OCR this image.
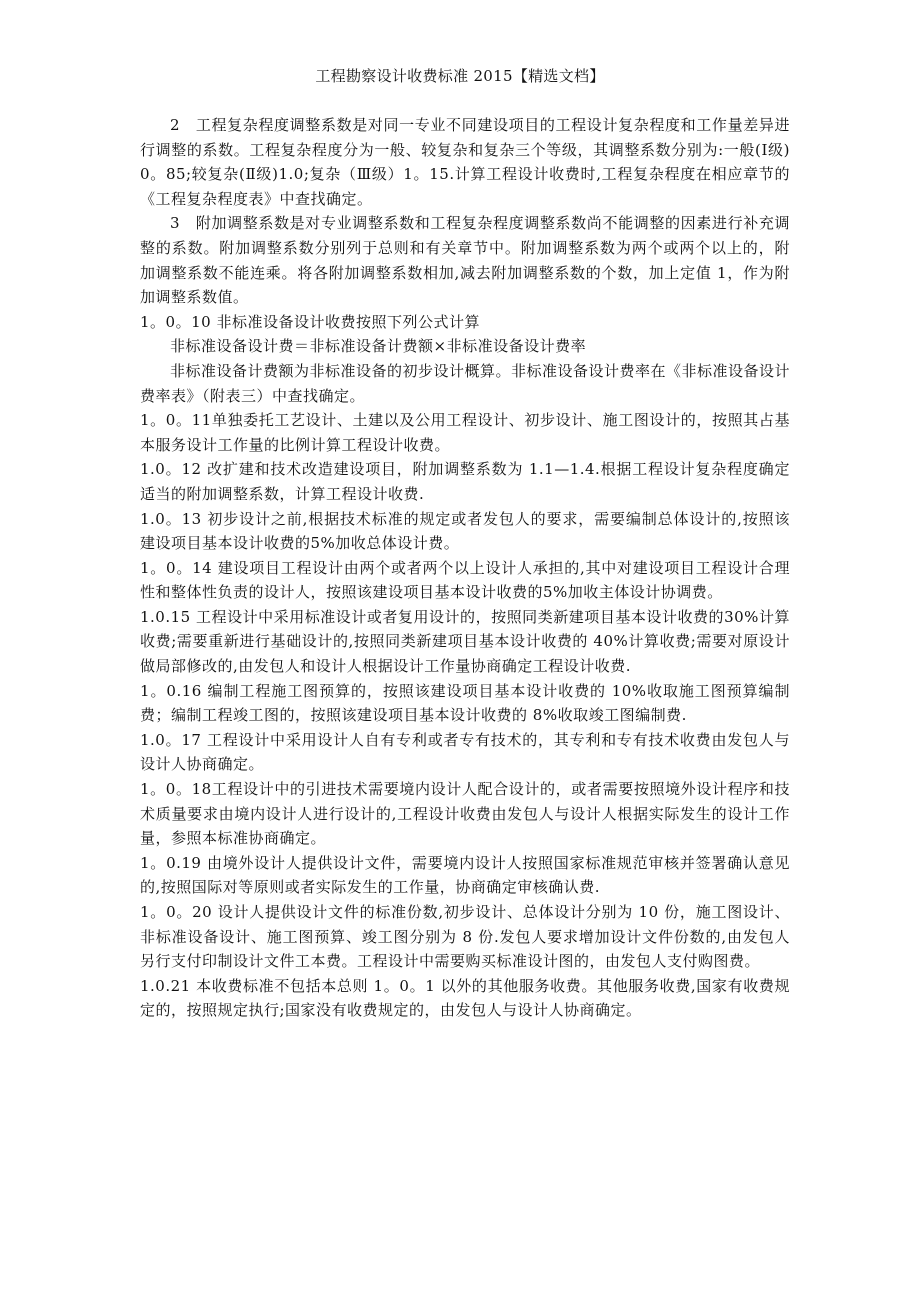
工程勘察设计收费标准 2015【精选文档】

2　工程复杂程度调整系数是对同一专业不同建设项目的工程设计复杂程度和工作量差异进行调整的系数。工程复杂程度分为一般、较复杂和复杂三个等级，其调整系数分别为:一般(Ⅰ级)0。85;较复杂(Ⅱ级)1.0;复杂（Ⅲ级）1。15.计算工程设计收费时,工程复杂程度在相应章节的《工程复杂程度表》中查找确定。

3　附加调整系数是对专业调整系数和工程复杂程度调整系数尚不能调整的因素进行补充调整的系数。附加调整系数分别列于总则和有关章节中。附加调整系数为两个或两个以上的，附加调整系数不能连乘。将各附加调整系数相加,减去附加调整系数的个数，加上定值 1，作为附加调整系数值。

1。0。10 非标准设备设计收费按照下列公式计算

非标准设备设计费＝非标准设备计费额×非标准设备设计费率

非标准设备计费额为非标准设备的初步设计概算。非标准设备设计费率在《非标准设备设计费率表》（附表三）中查找确定。

1。0。11单独委托工艺设计、土建以及公用工程设计、初步设计、施工图设计的，按照其占基本服务设计工作量的比例计算工程设计收费。

1.0。12 改扩建和技术改造建设项目，附加调整系数为 1.1—1.4.根据工程设计复杂程度确定适当的附加调整系数，计算工程设计收费.

1.0。13 初步设计之前,根据技术标准的规定或者发包人的要求，需要编制总体设计的,按照该建设项目基本设计收费的5%加收总体设计费。

1。0。14 建设项目工程设计由两个或者两个以上设计人承担的,其中对建设项目工程设计合理性和整体性负责的设计人，按照该建设项目基本设计收费的5%加收主体设计协调费。

1.0.15 工程设计中采用标准设计或者复用设计的，按照同类新建项目基本设计收费的30%计算收费;需要重新进行基础设计的,按照同类新建项目基本设计收费的 40%计算收费;需要对原设计做局部修改的,由发包人和设计人根据设计工作量协商确定工程设计收费.

1。0.16 编制工程施工图预算的，按照该建设项目基本设计收费的 10%收取施工图预算编制费；编制工程竣工图的，按照该建设项目基本设计收费的 8%收取竣工图编制费.

1.0。17 工程设计中采用设计人自有专利或者专有技术的，其专利和专有技术收费由发包人与设计人协商确定。

1。0。18工程设计中的引进技术需要境内设计人配合设计的，或者需要按照境外设计程序和技术质量要求由境内设计人进行设计的,工程设计收费由发包人与设计人根据实际发生的设计工作量，参照本标准协商确定。

1。0.19 由境外设计人提供设计文件，需要境内设计人按照国家标准规范审核并签署确认意见的,按照国际对等原则或者实际发生的工作量，协商确定审核确认费.

1。0。20 设计人提供设计文件的标准份数,初步设计、总体设计分别为 10 份，施工图设计、非标准设备设计、施工图预算、竣工图分别为 8 份.发包人要求增加设计文件份数的,由发包人另行支付印制设计文件工本费。工程设计中需要购买标准设计图的，由发包人支付购图费。

1.0.21 本收费标准不包括本总则 1。0。1 以外的其他服务收费。其他服务收费,国家有收费规定的，按照规定执行;国家没有收费规定的，由发包人与设计人协商确定。
